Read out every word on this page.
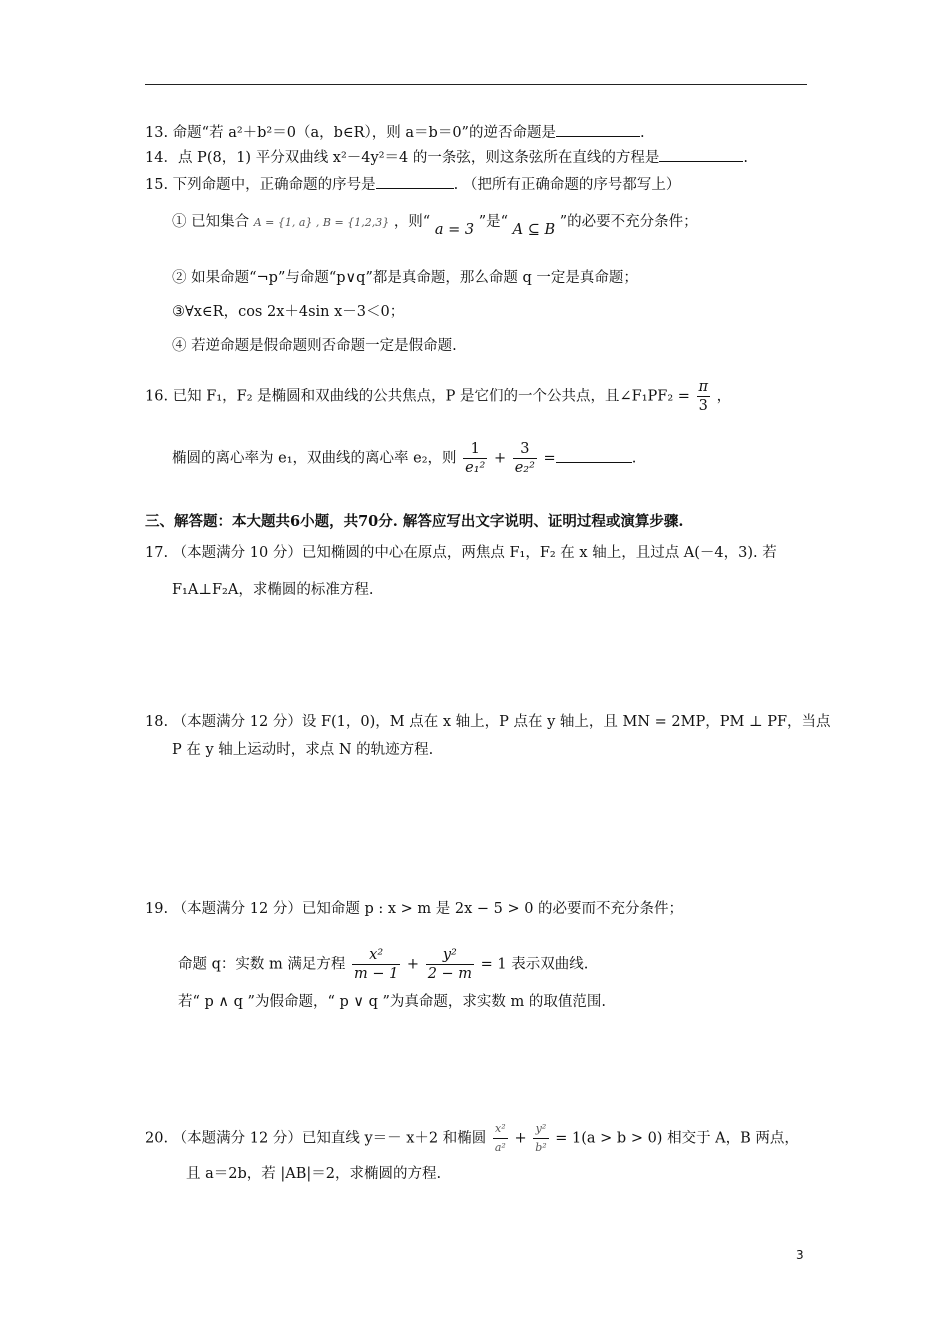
13. 命题“若 a²＋b²＝0（a，b∈R），则 a＝b＝0”的逆否命题是	.
14．点 P(8，1) 平分双曲线 x²－4y²＝4 的一条弦，则这条弦所在直线的方程是	.
15. 下列命题中，正确命题的序号是	. （把所有正确命题的序号都写上）
① 已知集合 A = {1, a} , B = {1,2,3} ，则“ a = 3 ”是“ A ⊆ B ”的必要不充分条件；
② 如果命题“¬p”与命题“p∨q”都是真命题，那么命题 q 一定是真命题；
③∀x∈R，cos 2x＋4sin x－3＜0；
④ 若逆命题是假命题则否命题一定是假命题.
16. 已知 F₁，F₂ 是椭圆和双曲线的公共焦点，P 是它们的一个公共点，且∠F₁PF₂ = $\frac{\pi}{3}$ ，
椭圆的离心率为 e₁，双曲线的离心率 e₂，则 $\frac{1}{\text{e₁²}} + \frac{3}{\text{e₂²}}$ =	.
三、解答题：本大题共6小题，共70分. 解答应写出文字说明、证明过程或演算步骤.
17. （本题满分 10 分）已知椭圆的中心在原点，两焦点 F₁，F₂ 在 x 轴上，且过点 A(－4，3). 若
F₁A⊥F₂A，求椭圆的标准方程.
18. （本题满分 12 分）设 F(1，0)，M 点在 x 轴上，P 点在 y 轴上，且 MN = 2MP，PM ⊥ PF，当点
P 在 y 轴上运动时，求点 N 的轨迹方程.
19. （本题满分 12 分）已知命题 p : x > m 是 2x − 5 > 0 的必要而不充分条件；
命题 q：实数 m 满足方程 $\frac{\text{x²}}{m - 1} + \frac{\text{y²}}{2 - m} = 1$ 表示双曲线.
若“ p ∧ q ”为假命题，“ p ∨ q ”为真命题，求实数 m 的取值范围.
20. （本题满分 12 分）已知直线 y＝－ x＋2 和椭圆 $\frac{\text{x²}}{\text{a²}} + \frac{\text{y²}}{\text{b²}} = 1(a > b > 0)$ 相交于 A，B 两点，
且 a＝2b，若 |AB|＝2，求椭圆的方程.
3
